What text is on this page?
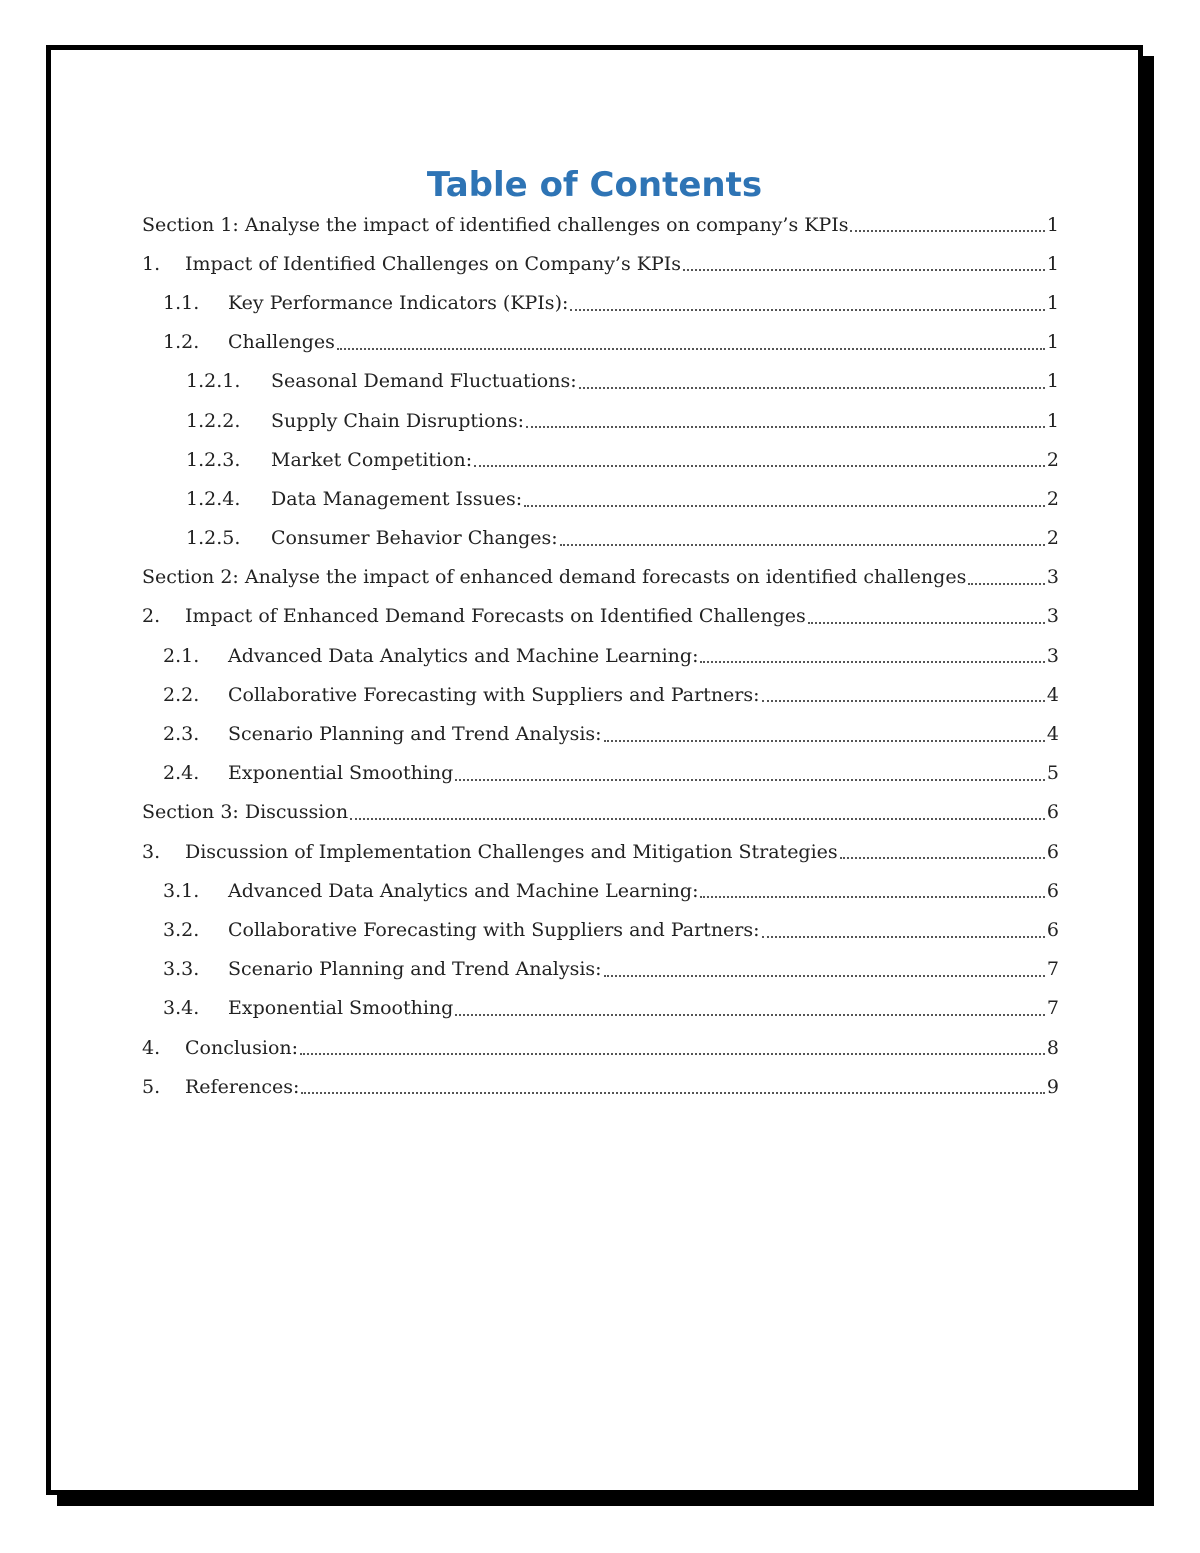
Table of Contents
Section 1: Analyse the impact of identified challenges on company’s KPIs	1
1.	Impact of Identified Challenges on Company’s KPIs	1
1.1.	Key Performance Indicators (KPIs):	1
1.2.	Challenges	1
1.2.1.	Seasonal Demand Fluctuations:	1
1.2.2.	Supply Chain Disruptions:	1
1.2.3.	Market Competition:	2
1.2.4.	Data Management Issues:	2
1.2.5.	Consumer Behavior Changes:	2
Section 2: Analyse the impact of enhanced demand forecasts on identified challenges	3
2.	Impact of Enhanced Demand Forecasts on Identified Challenges	3
2.1.	Advanced Data Analytics and Machine Learning:	3
2.2.	Collaborative Forecasting with Suppliers and Partners:	4
2.3.	Scenario Planning and Trend Analysis:	4
2.4.	Exponential Smoothing	5
Section 3: Discussion	6
3.	Discussion of Implementation Challenges and Mitigation Strategies	6
3.1.	Advanced Data Analytics and Machine Learning:	6
3.2.	Collaborative Forecasting with Suppliers and Partners:	6
3.3.	Scenario Planning and Trend Analysis:	7
3.4.	Exponential Smoothing	7
4.	Conclusion:	8
5.	References:	9
